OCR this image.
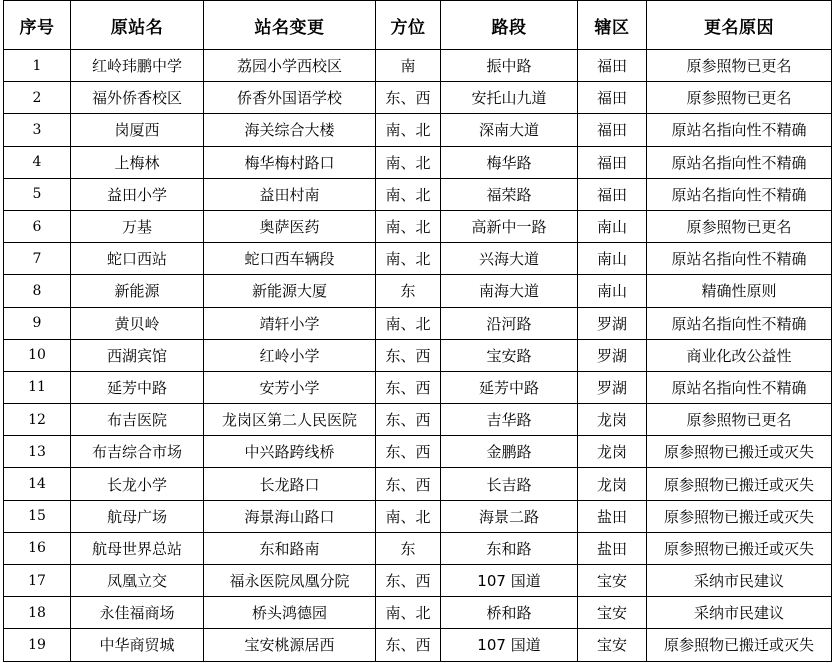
序号	原站名	站名变更	方位	路段	辖区	更名原因
1	红岭玮鹏中学	荔园小学西校区	南	振中路	福田	原参照物已更名
2	福外侨香校区	侨香外国语学校	东、西	安托山九道	福田	原参照物已更名
3	岗厦西	海关综合大楼	南、北	深南大道	福田	原站名指向性不精确
4	上梅林	梅华梅村路口	南、北	梅华路	福田	原站名指向性不精确
5	益田小学	益田村南	南、北	福荣路	福田	原站名指向性不精确
6	万基	奥萨医药	南、北	高新中一路	南山	原参照物已更名
7	蛇口西站	蛇口西车辆段	南、北	兴海大道	南山	原站名指向性不精确
8	新能源	新能源大厦	东	南海大道	南山	精确性原则
9	黄贝岭	靖轩小学	南、北	沿河路	罗湖	原站名指向性不精确
10	西湖宾馆	红岭小学	东、西	宝安路	罗湖	商业化改公益性
11	延芳中路	安芳小学	东、西	延芳中路	罗湖	原站名指向性不精确
12	布吉医院	龙岗区第二人民医院	东、西	吉华路	龙岗	原参照物已更名
13	布吉综合市场	中兴路跨线桥	东、西	金鹏路	龙岗	原参照物已搬迁或灭失
14	长龙小学	长龙路口	东、西	长吉路	龙岗	原参照物已搬迁或灭失
15	航母广场	海景海山路口	南、北	海景二路	盐田	原参照物已搬迁或灭失
16	航母世界总站	东和路南	东	东和路	盐田	原参照物已搬迁或灭失
17	凤凰立交	福永医院凤凰分院	东、西	107 国道	宝安	采纳市民建议
18	永佳福商场	桥头鸿德园	南、北	桥和路	宝安	采纳市民建议
19	中华商贸城	宝安桃源居西	东、西	107 国道	宝安	原参照物已搬迁或灭失
